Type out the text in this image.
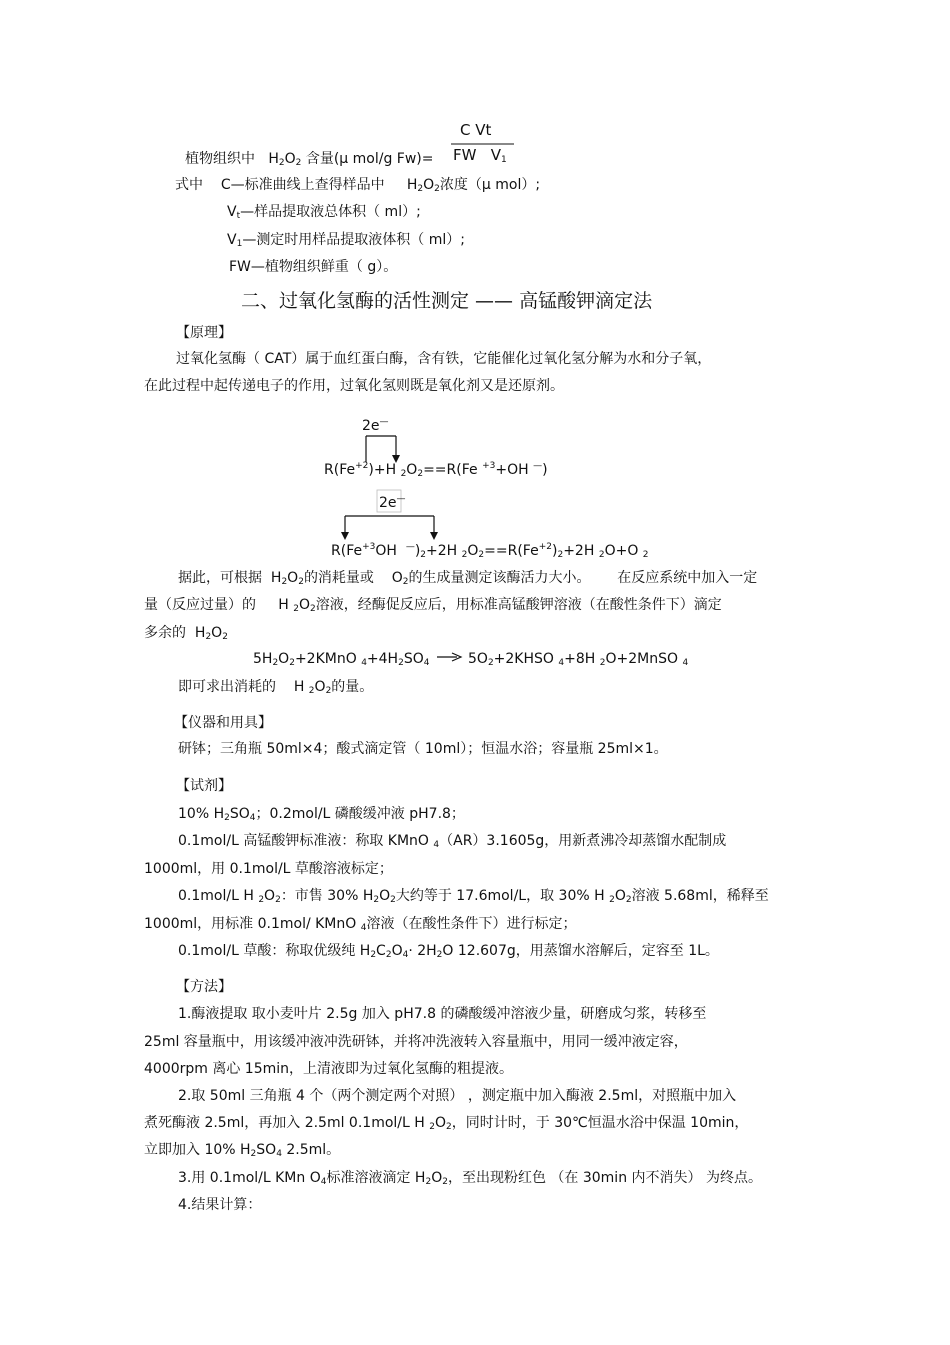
C Vt
FW $V_1$
植物组织中 $H_2O_2$ 含量(μ mol/g Fw)=
式中 C—标准曲线上查得样品中 $H_2O_2$浓度（μ mol）;
$V_t—$样品提取液总体积（ ml）;
$V_1—$测定时用样品提取液体积（ ml）;
FW—植物组织鲜重（ g）。
二、过氧化氢酶的活性测定 —— 高锰酸钾滴定法
【原理】
过氧化氢酶（ CAT）属于血红蛋白酶，含有铁，它能催化过氧化氢分解为水和分子氧，
在此过程中起传递电子的作用，过氧化氢则既是氧化剂又是还原剂。
2e—
$R(Fe^{+2})+H$ $_2O_2==R(Fe$ $^{+3}$+OH —)
2e—
$R(Fe^{+3}OH$ $^—)_2+2H$ $_2O_2==R(Fe^{+2})_2+2H$ $_2$O+O $_2$
据此，可根据 $H_2O_2$的消耗量或 $O_2$的生成量测定该酶活力大小。 在反应系统中加入一定
量（反应过量）的 H $_2O_2$溶液，经酶促反应后，用标准高锰酸钾溶液（在酸性条件下）滴定
多余的 $H_2O_2$
$5H_2O_2+2KMnO$ $_4+4H_2SO_4$	$5O_2+2KHSO$ $_4$+8H $_2$O+2MnSO $_4$
即可求出消耗的 H $_2O_2$的量。
【仪器和用具】
研钵；三角瓶 50ml×4；酸式滴定管（ 10ml）；恒温水浴；容量瓶 25ml×1。
【试剂】
10% $H_2SO_4$；0.2mol/L 磷酸缓冲液 pH7.8；
0.1mol/L 高锰酸钾标准液：称取 KMnO $_4$（AR）3.1605g，用新煮沸冷却蒸馏水配制成
1000ml，用 0.1mol/L 草酸溶液标定；
0.1mol/L H $_2O_2$：市售 30% $H_2O_2$大约等于 17.6mol/L，取 30% H $_2O_2$溶液 5.68ml，稀释至
1000ml，用标准 0.1mol/ KMnO $_4$溶液（在酸性条件下）进行标定；
0.1mol/L 草酸：称取优级纯 $H_2C_2O_4\cdot 2H_2O$ 12.607g，用蒸馏水溶解后，定容至 1L。
【方法】
1.酶液提取 取小麦叶片 2.5g 加入 pH7.8 的磷酸缓冲溶液少量，研磨成匀浆，转移至
25ml 容量瓶中，用该缓冲液冲洗研钵，并将冲洗液转入容量瓶中，用同一缓冲液定容，
4000rpm 离心 15min，上清液即为过氧化氢酶的粗提液。
2.取 50ml 三角瓶 4 个（两个测定两个对照） ，测定瓶中加入酶液 2.5ml，对照瓶中加入
煮死酶液 2.5ml，再加入 2.5ml 0.1mol/L H $_2O_2$，同时计时，于 30℃恒温水浴中保温 10min，
立即加入 10% $H_2SO_4$ 2.5ml。
3.用 0.1mol/L KMn $O_4$标准溶液滴定 $H_2O_2$，至出现粉红色 （在 30min 内不消失） 为终点。
4.结果计算：
